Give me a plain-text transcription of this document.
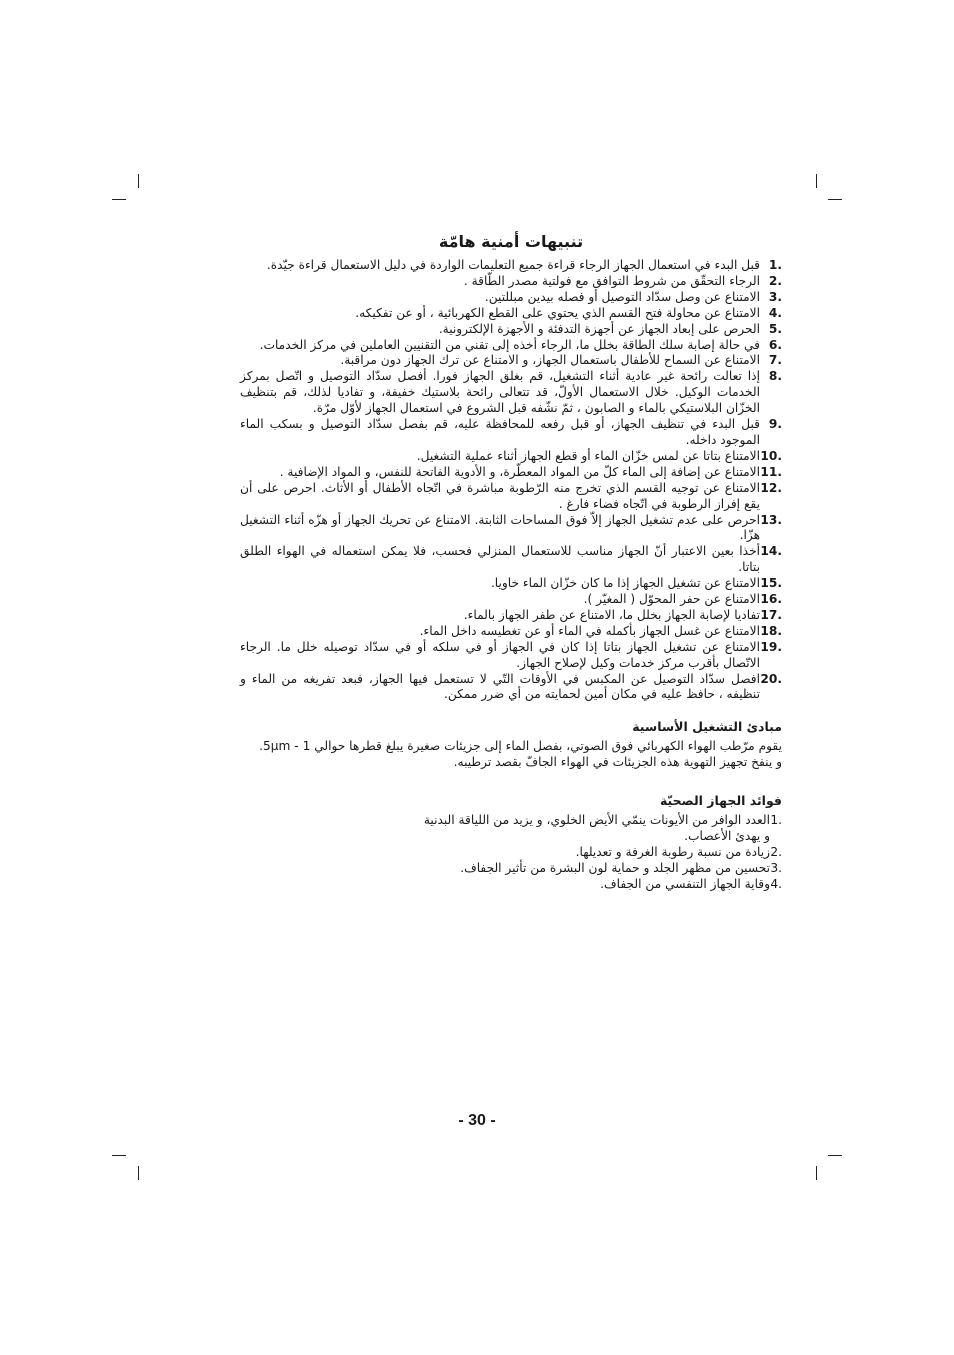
تنبيهات أمنية هامّة
1.
قبل البدء في استعمال الجهاز الرجاء قراءة جميع التعليمات الواردة في دليل الاستعمال قراءة جيّدة.
2.
الرجاء التحقّق من شروط التوافق مع فولتية مصدر الطّاقة .
3.
الامتناع عن وصل سدّاد التوصيل أو فصله بيدين مبللتين.
4.
الامتناع عن محاولة فتح القسم الذي يحتوي على القطع الكهربائية ، أو عن تفكيكه.
5.
الحرص على إبعاد الجهاز عن أجهزة التدفئة و الأجهزة الإلكترونية.
6.
في حالة إصابة سلك الطاقة بخلل ما، الرجاء أخذه إلى تقني من التقنيين العاملين في مركز الخدمات.
7.
الامتناع عن السماح للأطفال باستعمال الجهاز، و الامتناع عن ترك الجهاز دون مراقبة.
8.
إذا تعالت رائحة غير عادية أثناء التشغيل، قم بغلق الجهاز فورا. أفصل سدّاد التوصيل و اتّصل بمركز الخدمات الوكيل. خلال الاستعمال الأولّ، قد تتعالى رائحة بلاستيك خفيفة، و تفاديا لذلك، قم بتنظيف الخزّان البلاستيكي بالماء و الصابون ، ثمّ نشّفه قبل الشروع في استعمال الجهاز لأوّل مرّة.
9.
قبل البدء في تنظيف الجهاز، أو قبل رفعه للمحافظة عليه، قم بفصل سدّاد التوصيل و بسكب الماء الموجود داخله.
10.
الامتناع بتاتا عن لمس خزّان الماء أو قطع الجهاز أثناء عملية التشغيل.
11.
الامتناع عن إضافة إلى الماء كلّ من المواد المعطّرة، و الأدوية الفاتحة للنفس، و المواد الإضافية .
12.
الامتناع عن توجيه القسم الذي تخرج منه الرّطوبة مباشرة في اتّجاه الأطفال أو الأثاث. احرص على أن يقع إفراز الرطوبة في اتّجاه فضاء فارغ .
13.
احرص على عدم تشغيل الجهاز إلاّ فوق المساحات الثابتة. الامتناع عن تحريك الجهاز أو هزّه أثناء التشغيل هزّا.
14.
أخذا بعين الاعتبار أنّ الجهاز مناسب للاستعمال المنزلي فحسب، فلا يمكن استعماله في الهواء الطلق بتاتا.
15.
الامتناع عن تشغيل الجهاز إذا ما كان خزّان الماء خاويا.
16.
الامتناع عن حفر المحوّل ( المغيّر ).
17.
تفاديا لإصابة الجهاز بخلل ما، الامتناع عن طفر الجهاز بالماء.
18.
الامتناع عن غسل الجهاز بأكمله في الماء أو عن تغطيسه داخل الماء.
19.
الامتناع عن تشغيل الجهاز بتاتا إذا كان في الجهاز أو في سلكه أو في سدّاد توصيله خلل ما. الرجاء الاتّصال بأقرب مركز خدمات وكيل لإصلاح الجهاز.
20.
افصل سدّاد التوصيل عن المكبس في الأوقات التّي لا تستعمل فيها الجهاز، فبعد تفريغه من الماء و تنظيفه ، حافظ عليه في مكان أمين لحمايته من أي ضرر ممكن.
مبادئ التشغيل الأساسية

يقوم مرّطب الهواء الكهربائي فوق الصوتي، بفصل الماء إلى جزيئات صغيرة يبلغ قطرها حوالي 1 - 5μm.

و ينفخ تجهيز التهوية هذه الجزيئات في الهواء الجافّ بقصد ترطيبه.

فوائد الجهاز الصحيّة
1.
العدد الوافر من الأيونات ينمّي الأيض الخلوي، و يزيد من اللياقة البدنية و يهدئ الأعصاب.
2.
زيادة من نسبة رطوبة الغرفة و تعديلها.
3.
تحسين من مظهر الجلد و حماية لون البشرة من تأثير الجفاف.
4.
وقاية الجهاز التنفسي من الجفاف.
- 30 -
